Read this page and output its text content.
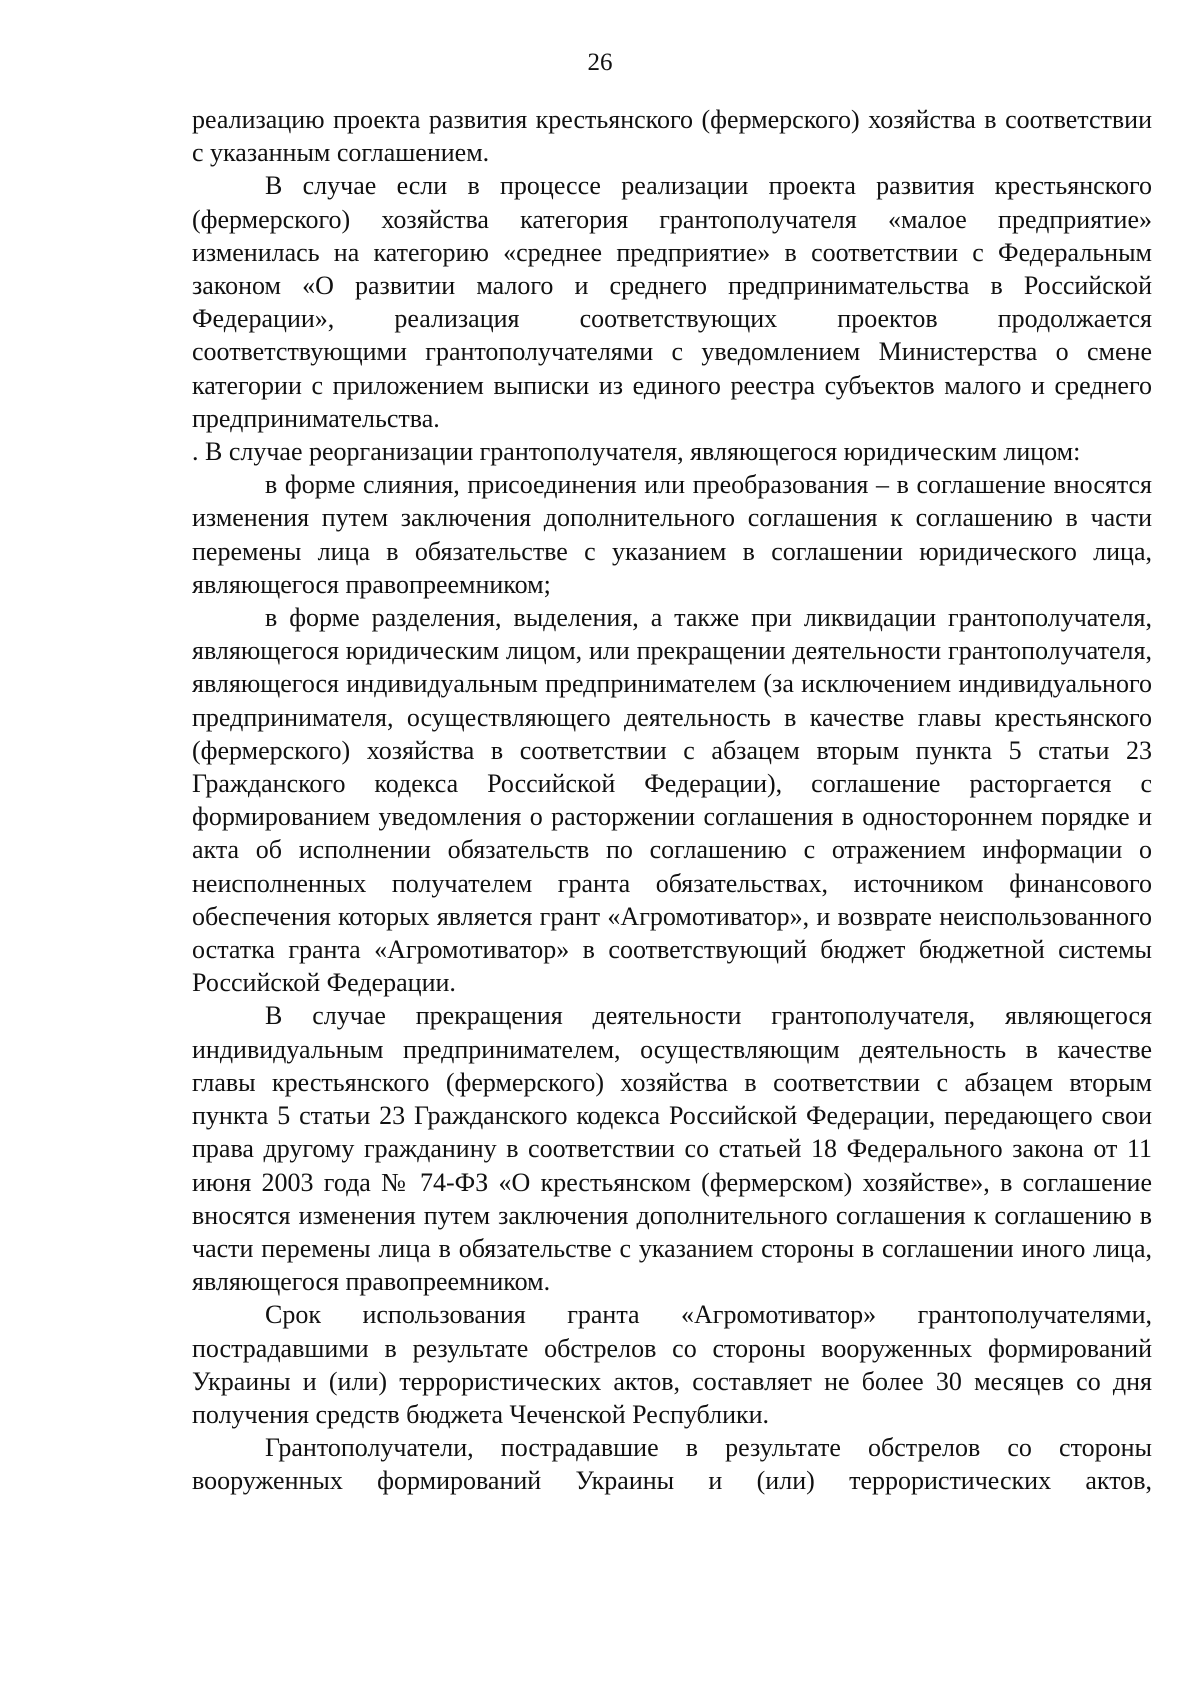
26

реализацию проекта развития крестьянского (фермерского) хозяйства в соответствии с указанным соглашением.

В случае если в процессе реализации проекта развития крестьянского (фермерского) хозяйства категория грантополучателя «малое предприятие» изменилась на категорию «среднее предприятие» в соответствии с Федеральным законом «О развитии малого и среднего предпринимательства в Российской Федерации», реализация соответствующих проектов продолжается соответствующими грантополучателями с уведомлением Министерства о смене категории с приложением выписки из единого реестра субъектов малого и среднего предпринимательства.

. В случае реорганизации грантополучателя, являющегося юридическим лицом:

в форме слияния, присоединения или преобразования – в соглашение вносятся изменения путем заключения дополнительного соглашения к соглашению в части перемены лица в обязательстве с указанием в соглашении юридического лица, являющегося правопреемником;

в форме разделения, выделения, а также при ликвидации грантополучателя, являющегося юридическим лицом, или прекращении деятельности грантополучателя, являющегося индивидуальным предпринимателем (за исключением индивидуального предпринимателя, осуществляющего деятельность в качестве главы крестьянского (фермерского) хозяйства в соответствии с абзацем вторым пункта 5 статьи 23 Гражданского кодекса Российской Федерации), соглашение расторгается с формированием уведомления о расторжении соглашения в одностороннем порядке и акта об исполнении обязательств по соглашению с отражением информации о неисполненных получателем гранта обязательствах, источником финансового обеспечения которых является грант «Агромотиватор», и возврате неиспользованного остатка гранта «Агромотиватор» в соответствующий бюджет бюджетной системы Российской Федерации.

В случае прекращения деятельности грантополучателя, являющегося индивидуальным предпринимателем, осуществляющим деятельность в качестве главы крестьянского (фермерского) хозяйства в соответствии с абзацем вторым пункта 5 статьи 23 Гражданского кодекса Российской Федерации, передающего свои права другому гражданину в соответствии со статьей 18 Федерального закона от 11 июня 2003 года № 74-ФЗ «О крестьянском (фермерском) хозяйстве», в соглашение вносятся изменения путем заключения дополнительного соглашения к соглашению в части перемены лица в обязательстве с указанием стороны в соглашении иного лица, являющегося правопреемником.

Срок использования гранта «Агромотиватор» грантополучателями, пострадавшими в результате обстрелов со стороны вооруженных формирований Украины и (или) террористических актов, составляет не более 30 месяцев со дня получения средств бюджета Чеченской Республики.

Грантополучатели, пострадавшие в результате обстрелов со стороны вооруженных формирований Украины и (или) террористических актов,
